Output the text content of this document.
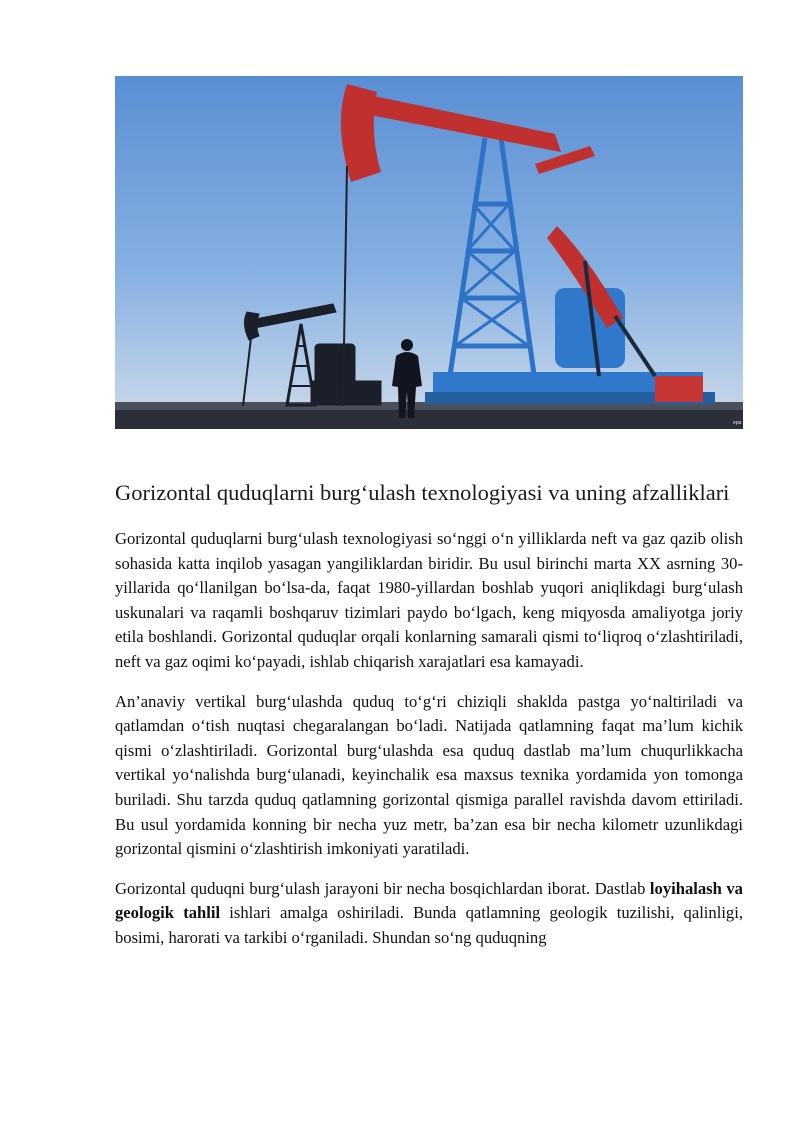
epa
Gorizontal quduqlarni burg‘ulash texnologiyasi va uning afzalliklari

Gorizontal quduqlarni burg‘ulash texnologiyasi so‘nggi o‘n yilliklarda neft va gaz qazib olish sohasida katta inqilob yasagan yangiliklardan biridir. Bu usul birinchi marta XX asrning 30-yillarida qo‘llanilgan bo‘lsa-da, faqat 1980-yillardan boshlab yuqori aniqlikdagi burg‘ulash uskunalari va raqamli boshqaruv tizimlari paydo bo‘lgach, keng miqyosda amaliyotga joriy etila boshlandi. Gorizontal quduqlar orqali konlarning samarali qismi to‘liqroq o‘zlashtiriladi, neft va gaz oqimi ko‘payadi, ishlab chiqarish xarajatlari esa kamayadi.

An’anaviy vertikal burg‘ulashda quduq to‘g‘ri chiziqli shaklda pastga yo‘naltiriladi va qatlamdan o‘tish nuqtasi chegaralangan bo‘ladi. Natijada qatlamning faqat ma’lum kichik qismi o‘zlashtiriladi. Gorizontal burg‘ulashda esa quduq dastlab ma’lum chuqurlikkacha vertikal yo‘nalishda burg‘ulanadi, keyinchalik esa maxsus texnika yordamida yon tomonga buriladi. Shu tarzda quduq qatlamning gorizontal qismiga parallel ravishda davom ettiriladi. Bu usul yordamida konning bir necha yuz metr, ba’zan esa bir necha kilometr uzunlikdagi gorizontal qismini o‘zlashtirish imkoniyati yaratiladi.

Gorizontal quduqni burg‘ulash jarayoni bir necha bosqichlardan iborat. Dastlab loyihalash va geologik tahlil ishlari amalga oshiriladi. Bunda qatlamning geologik tuzilishi, qalinligi, bosimi, harorati va tarkibi o‘rganiladi. Shundan so‘ng quduqning
